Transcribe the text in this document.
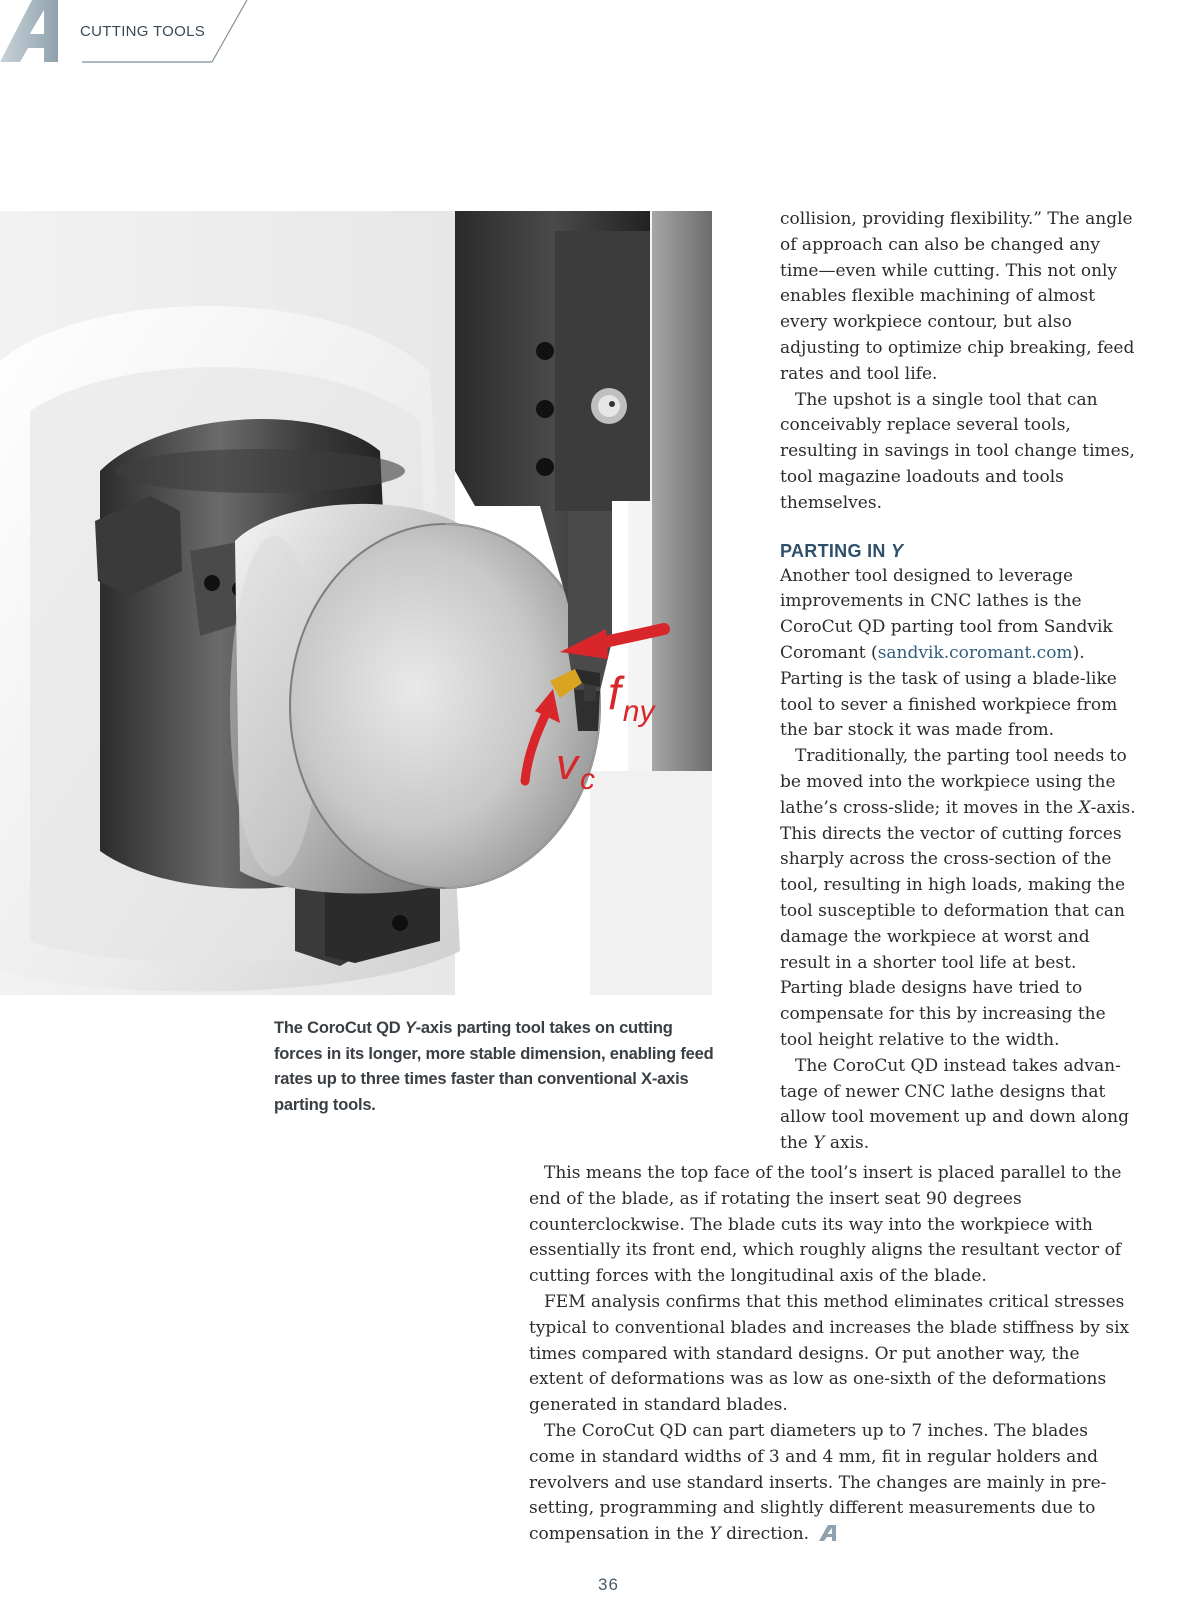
CUTTING TOOLS
$f_{ny}$
$v_c$
The CoroCut QD Y-axis parting tool takes on cutting forces in its longer, more stable dimension, enabling feed rates up to three times faster than conventional X-axis parting tools.

collision, providing flexibility.” The angle of approach can also be changed any time—even while cutting. This not only enables flexible machining of almost every workpiece contour, but also adjusting to optimize chip breaking, feed rates and tool life.

The upshot is a single tool that can conceivably replace several tools, resulting in savings in tool change times, tool magazine loadouts and tools themselves.

PARTING IN Y

Another tool designed to leverage improvements in CNC lathes is the CoroCut QD parting tool from Sandvik Coromant (sandvik.coromant.com). Parting is the task of using a blade-like tool to sever a finished workpiece from the bar stock it was made from.

Traditionally, the parting tool needs to be moved into the workpiece using the lathe’s cross-slide; it moves in the X-axis. This directs the vector of cutting forces sharply across the cross-section of the tool, resulting in high loads, making the tool susceptible to deformation that can damage the workpiece at worst and result in a shorter tool life at best. Parting blade designs have tried to compensate for this by increasing the tool height relative to the width.

The CoroCut QD instead takes advantage of newer CNC lathe designs that allow tool movement up and down along the Y axis.

This means the top face of the tool’s insert is placed parallel to the end of the blade, as if rotating the insert seat 90 degrees counterclockwise. The blade cuts its way into the workpiece with essentially its front end, which roughly aligns the resultant vector of cutting forces with the longitudinal axis of the blade.

FEM analysis confirms that this method eliminates critical stresses typical to conventional blades and increases the blade stiffness by six times compared with standard designs. Or put another way, the extent of deformations was as low as one-sixth of the deformations generated in standard blades.

The CoroCut QD can part diameters up to 7 inches. The blades come in standard widths of 3 and 4 mm, fit in regular holders and revolvers and use standard inserts. The changes are mainly in pre-setting, programming and slightly different measurements due to compensation in the Y direction.

36
